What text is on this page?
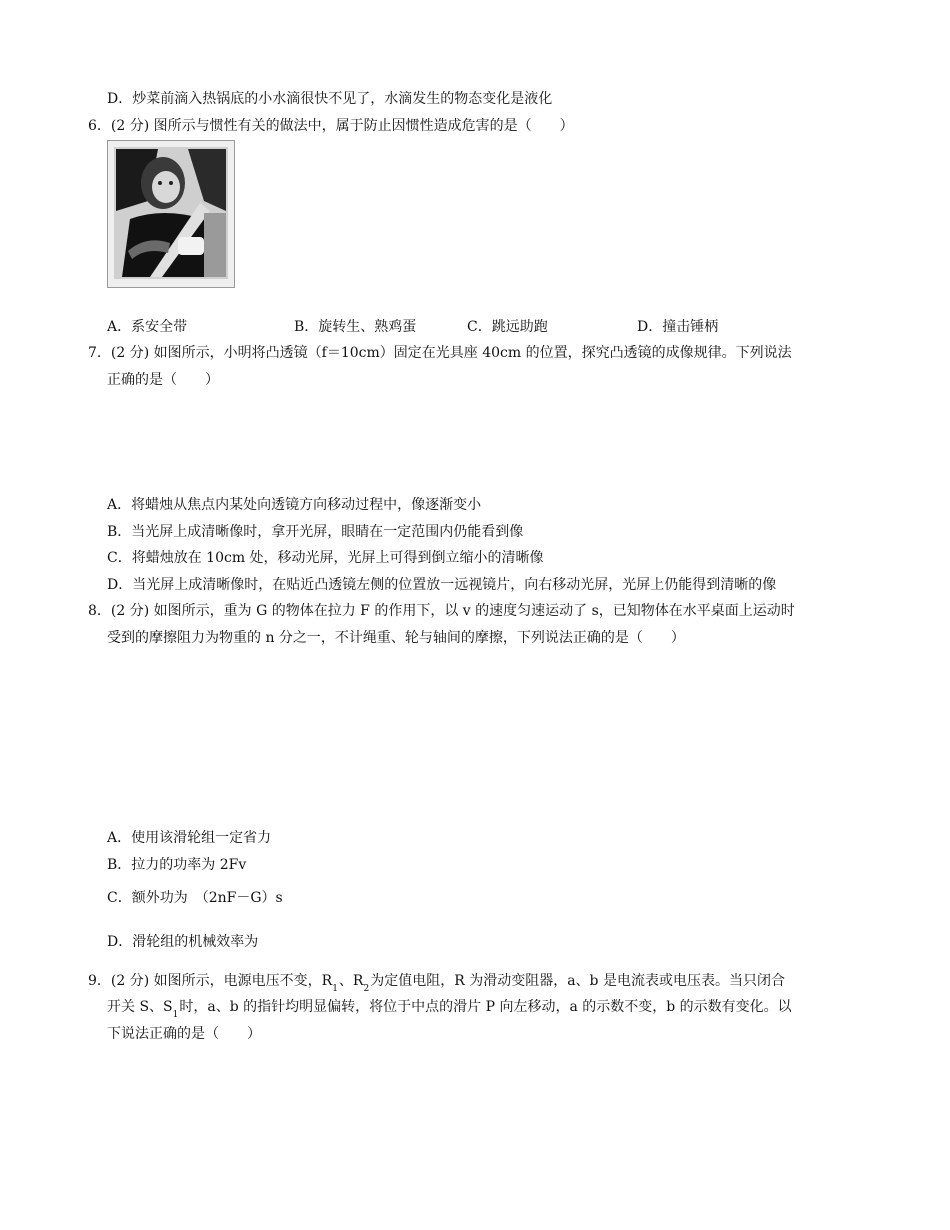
D．炒菜前滴入热锅底的小水滴很快不见了，水滴发生的物态变化是液化
6．(2 分) 图所示与惯性有关的做法中，属于防止因惯性造成危害的是（　　）
A．系安全带	B．旋转生、熟鸡蛋	C．跳远助跑	D．撞击锤柄
7．(2 分) 如图所示，小明将凸透镜（f＝10cm）固定在光具座 40cm 的位置，探究凸透镜的成像规律。下列说法
正确的是（　　）
A．将蜡烛从焦点内某处向透镜方向移动过程中，像逐渐变小
B．当光屏上成清晰像时，拿开光屏，眼睛在一定范围内仍能看到像
C．将蜡烛放在 10cm 处，移动光屏，光屏上可得到倒立缩小的清晰像
D．当光屏上成清晰像时，在贴近凸透镜左侧的位置放一远视镜片，向右移动光屏，光屏上仍能得到清晰的像
8．(2 分) 如图所示，重为 G 的物体在拉力 F 的作用下，以 v 的速度匀速运动了 s，已知物体在水平桌面上运动时
受到的摩擦阻力为物重的 n 分之一，不计绳重、轮与轴间的摩擦，下列说法正确的是（　　）
A．使用该滑轮组一定省力
B．拉力的功率为 2Fv
C．额外功为　（2nF－G）s
D．滑轮组的机械效率为
9．(2 分) 如图所示，电源电压不变，$R_1$、$R_2$为定值电阻，R 为滑动变阻器，a、b 是电流表或电压表。当只闭合
开关 S、$S_1$时，a、b 的指针均明显偏转，将位于中点的滑片 P 向左移动，a 的示数不变，b 的示数有变化。以
下说法正确的是（　　）
